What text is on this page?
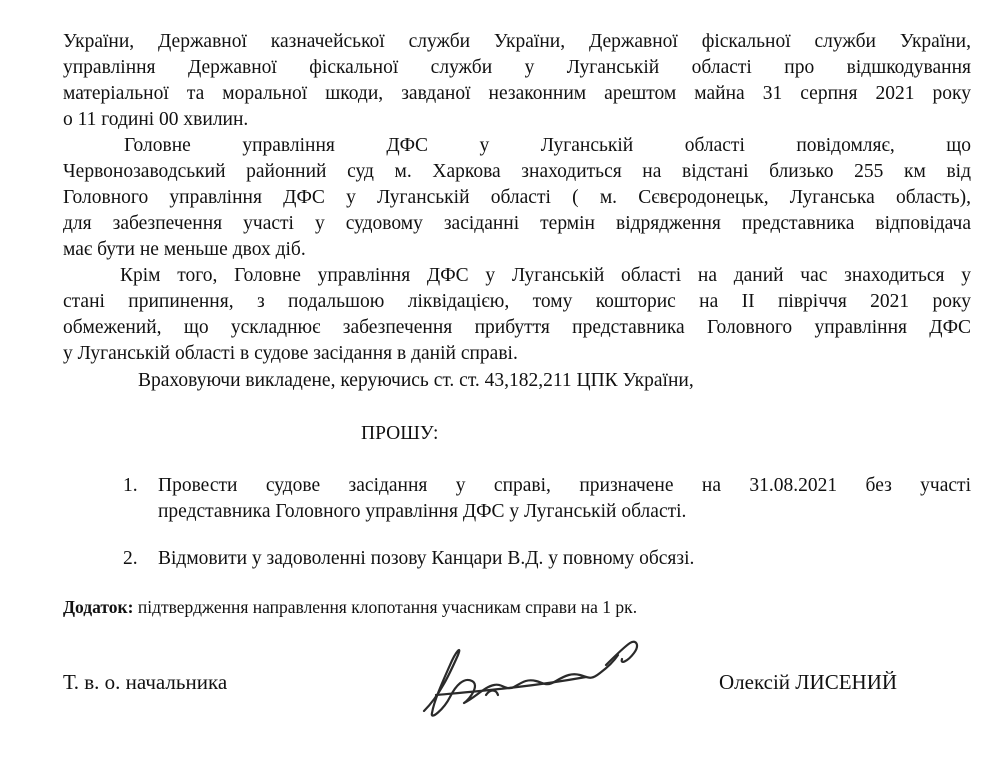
України, Державної казначейської служби України, Державної фіскальної служби України,
управління Державної фіскальної служби у Луганській області про відшкодування
матеріальної та моральної шкоди, завданої незаконним арештом майна 31 серпня 2021 року
о 11 годині 00 хвилин.
Головне управління ДФС у Луганській області повідомляє, що
Червонозаводський районний суд м. Харкова знаходиться на відстані близько 255 км від
Головного управління ДФС у Луганській області ( м. Сєвєродонецьк, Луганська область),
для забезпечення участі у судовому засіданні термін відрядження представника відповідача
має бути не меньше двох діб.
Крім того, Головне управління ДФС у Луганській області на даний час знаходиться у
стані припинення, з подальшою ліквідацією, тому кошторис на ІІ півріччя 2021 року
обмежений, що ускладнює забезпечення прибуття представника Головного управління ДФС
у Луганській області в судове засідання в даній справі.
Враховуючи викладене, керуючись ст. ст. 43,182,211 ЦПК України,
ПРОШУ:
1. Провести судове засідання у справі, призначене на 31.08.2021 без участі
представника Головного управління ДФС у Луганській області.
2. Відмовити у задоволенні позову Канцари В.Д. у повному обсязі.
Додаток: підтвердження направлення клопотання учасникам справи на 1 рк.
Т. в. о. начальника	Олексій ЛИСЕНИЙ
